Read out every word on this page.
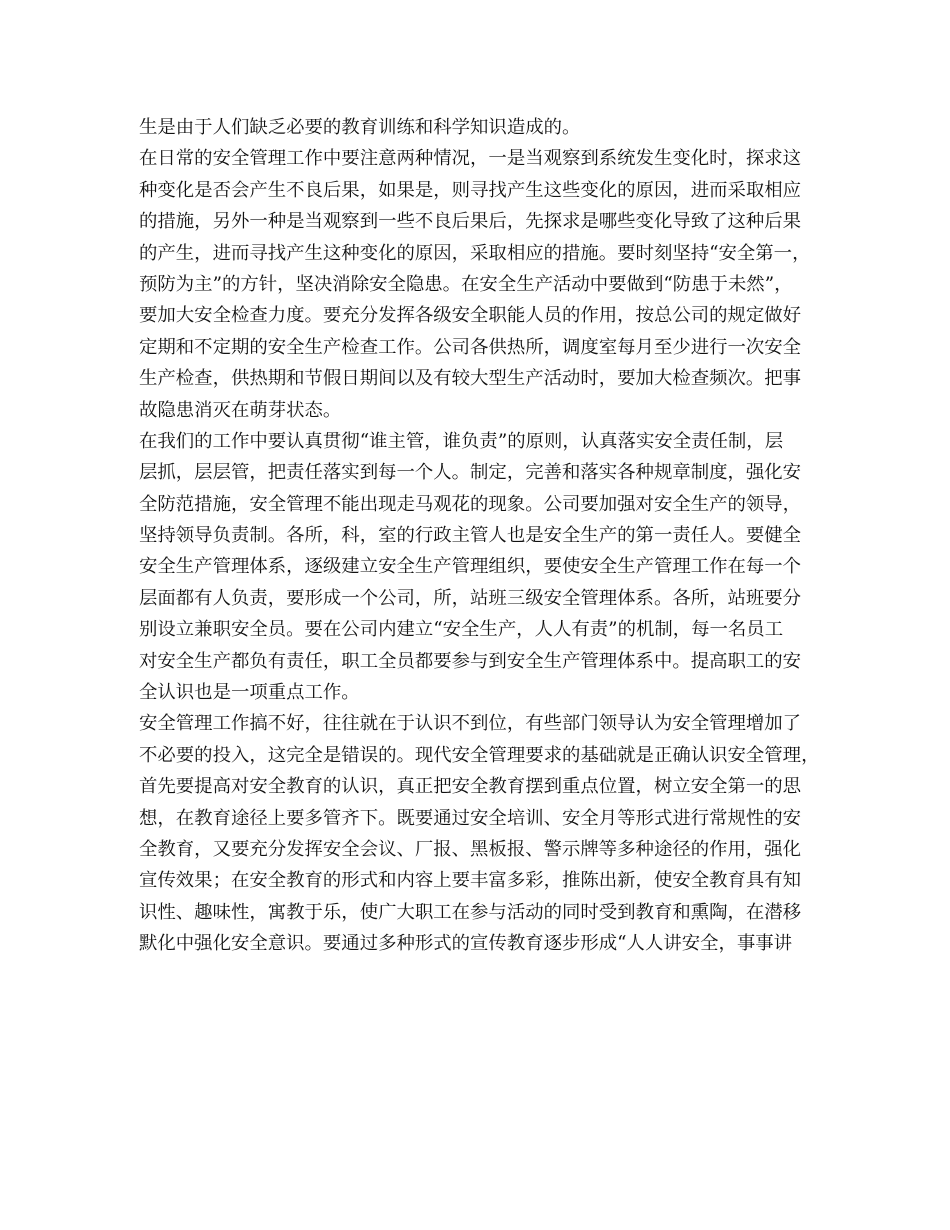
生是由于人们缺乏必要的教育训练和科学知识造成的。
在日常的安全管理工作中要注意两种情况，一是当观察到系统发生变化时，探求这
种变化是否会产生不良后果，如果是，则寻找产生这些变化的原因，进而采取相应
的措施，另外一种是当观察到一些不良后果后，先探求是哪些变化导致了这种后果
的产生，进而寻找产生这种变化的原因，采取相应的措施。要时刻坚持“安全第一，
预防为主”的方针，坚决消除安全隐患。在安全生产活动中要做到“防患于未然”，
要加大安全检查力度。要充分发挥各级安全职能人员的作用，按总公司的规定做好
定期和不定期的安全生产检查工作。公司各供热所，调度室每月至少进行一次安全
生产检查，供热期和节假日期间以及有较大型生产活动时，要加大检查频次。把事
故隐患消灭在萌芽状态。
在我们的工作中要认真贯彻“谁主管，谁负责”的原则，认真落实安全责任制，层
层抓，层层管，把责任落实到每一个人。制定，完善和落实各种规章制度，强化安
全防范措施，安全管理不能出现走马观花的现象。公司要加强对安全生产的领导，
坚持领导负责制。各所，科，室的行政主管人也是安全生产的第一责任人。要健全
安全生产管理体系，逐级建立安全生产管理组织，要使安全生产管理工作在每一个
层面都有人负责，要形成一个公司，所，站班三级安全管理体系。各所，站班要分
别设立兼职安全员。要在公司内建立“安全生产，人人有责”的机制，每一名员工
对安全生产都负有责任，职工全员都要参与到安全生产管理体系中。提高职工的安
全认识也是一项重点工作。
安全管理工作搞不好，往往就在于认识不到位，有些部门领导认为安全管理增加了
不必要的投入，这完全是错误的。现代安全管理要求的基础就是正确认识安全管理，
首先要提高对安全教育的认识，真正把安全教育摆到重点位置，树立安全第一的思
想，在教育途径上要多管齐下。既要通过安全培训、安全月等形式进行常规性的安
全教育，又要充分发挥安全会议、厂报、黑板报、警示牌等多种途径的作用，强化
宣传效果；在安全教育的形式和内容上要丰富多彩，推陈出新，使安全教育具有知
识性、趣味性，寓教于乐，使广大职工在参与活动的同时受到教育和熏陶，在潜移
默化中强化安全意识。要通过多种形式的宣传教育逐步形成“人人讲安全，事事讲
